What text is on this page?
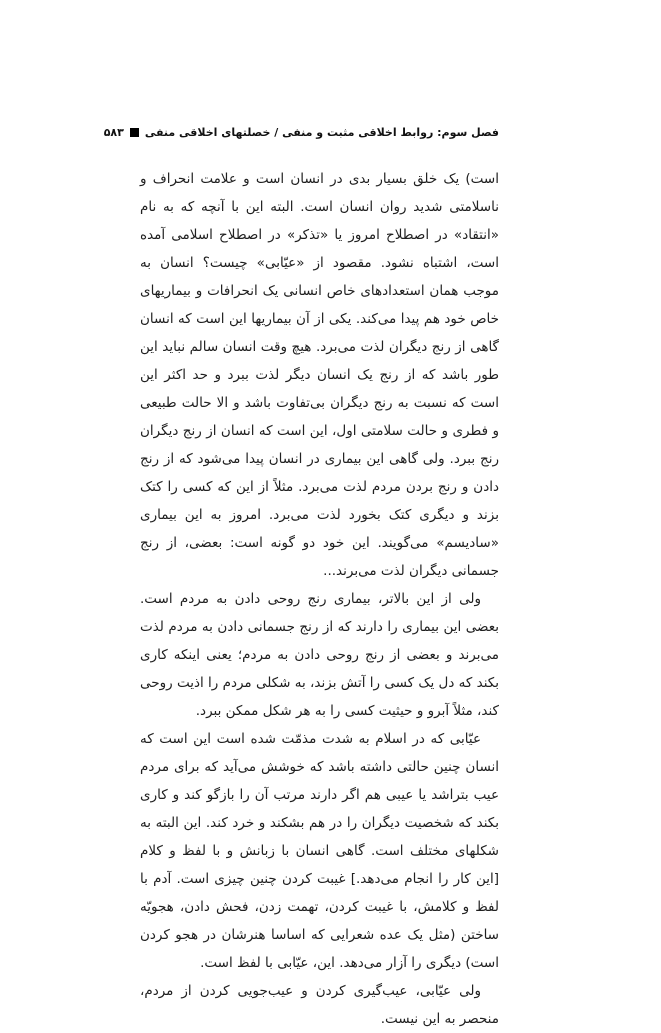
فصل سوم: روابط اخلاقی مثبت و منفی / خصلتهای اخلاقی منفی۵۸۳

است) یک خلق بسیار بدی در انسان است و علامت انحراف و ناسلامتی شدید روان انسان است. البته این با آنچه که به نام «انتقاد» در اصطلاح امروز یا «تذکر» در اصطلاح اسلامی آمده است، اشتباه نشود. مقصود از «عیّابی» چیست؟ انسان به موجب همان استعدادهای خاص انسانی یک انحرافات و بیماریهای خاص خود هم پیدا می‌کند. یکی از آن بیماریها این است که انسان گاهی از رنج دیگران لذت می‌برد. هیچ وقت انسان سالم نباید این طور باشد که از رنج یک انسان دیگر لذت ببرد و حد اکثر این است که نسبت به رنج دیگران بی‌تفاوت باشد و الا حالت طبیعی و فطری و حالت سلامتی اول، این است که انسان از رنج دیگران رنج ببرد. ولی گاهی این بیماری در انسان پیدا می‌شود که از رنج دادن و رنج بردن مردم لذت می‌برد. مثلاً از این که کسی را کتک بزند و دیگری کتک بخورد لذت می‌برد. امروز به این بیماری «سادیسم» می‌گویند. این خود دو گونه است: بعضی، از رنج جسمانی دیگران لذت می‌برند...

ولی از این بالاتر، بیماری رنج روحی دادن به مردم است. بعضی این بیماری را دارند که از رنج جسمانی دادن به مردم لذت می‌برند و بعضی از رنج روحی دادن به مردم؛ یعنی اینکه کاری بکند که دل یک کسی را آتش بزند، به شکلی مردم را اذیت روحی کند، مثلاً آبرو و حیثیت کسی را به هر شکل ممکن ببرد.

عیّابی که در اسلام به شدت مذمّت شده است این است که انسان چنین حالتی داشته باشد که خوشش می‌آید که برای مردم عیب بتراشد یا عیبی هم اگر دارند مرتب آن را بازگو کند و کاری بکند که شخصیت دیگران را در هم بشکند و خرد کند. این البته به شکلهای مختلف است. گاهی انسان با زبانش و با لفظ و کلام [این کار را انجام می‌دهد.] غیبت کردن چنین چیزی است. آدم با لفظ و کلامش، با غیبت کردن، تهمت زدن، فحش دادن، هجویّه ساختن (مثل یک عده شعرایی که اساسا هنرشان در هجو کردن است) دیگری را آزار می‌دهد. این، عیّابی با لفظ است.

ولی عیّابی، عیب‌گیری کردن و عیب‌جویی کردن از مردم، منحصر به این نیست.
